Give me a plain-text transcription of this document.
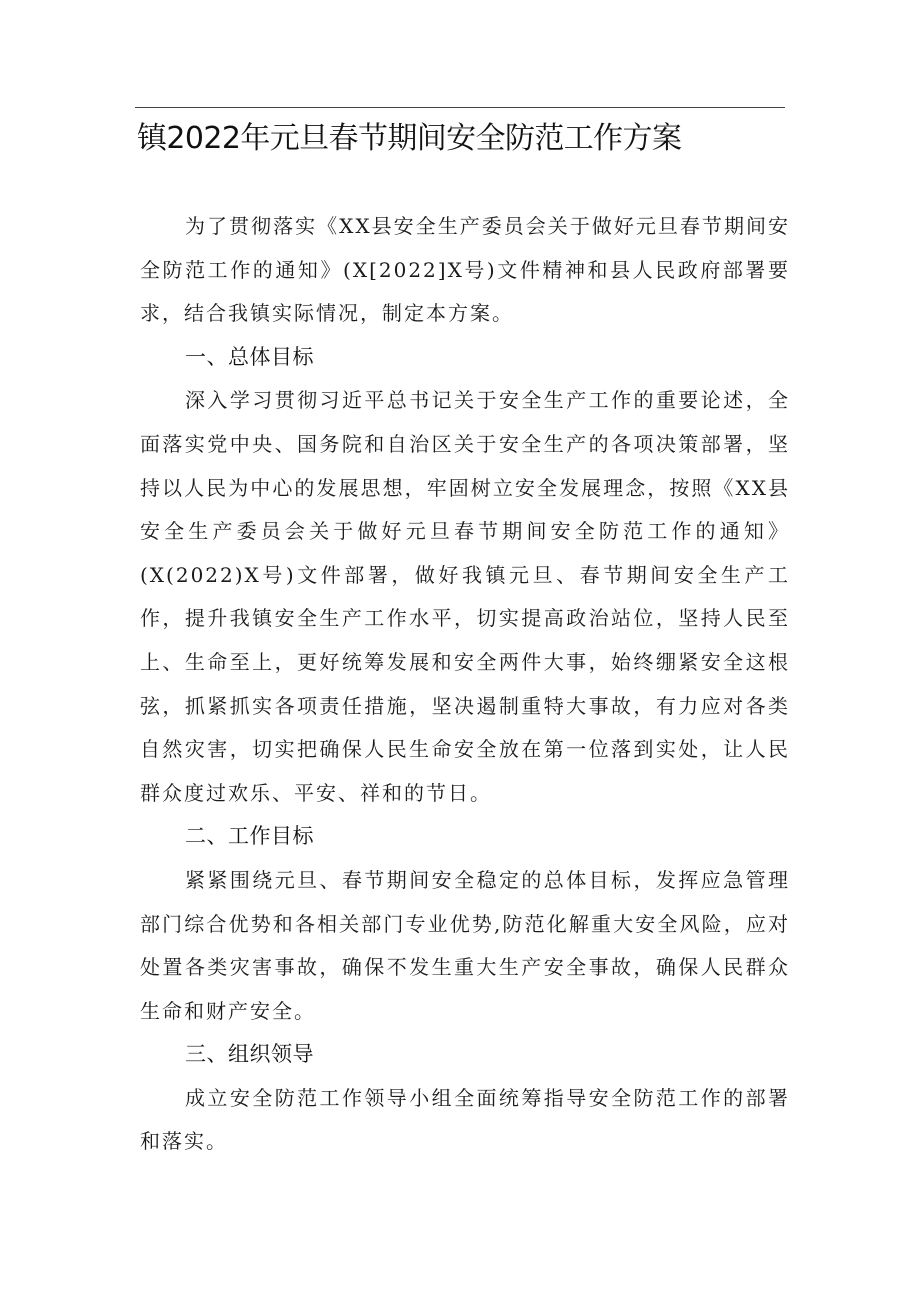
镇2022年元旦春节期间安全防范工作方案

为了贯彻落实《XX县安全生产委员会关于做好元旦春节期间安全防范工作的通知》(X[2022]X号)文件精神和县人民政府部署要求，结合我镇实际情况，制定本方案。

一、总体目标

深入学习贯彻习近平总书记关于安全生产工作的重要论述，全面落实党中央、国务院和自治区关于安全生产的各项决策部署，坚持以人民为中心的发展思想，牢固树立安全发展理念，按照《XX县安全生产委员会关于做好元旦春节期间安全防范工作的通知》(X(2022)X号)文件部署，做好我镇元旦、春节期间安全生产工作，提升我镇安全生产工作水平，切实提高政治站位，坚持人民至上、生命至上，更好统筹发展和安全两件大事，始终绷紧安全这根弦，抓紧抓实各项责任措施，坚决遏制重特大事故，有力应对各类自然灾害，切实把确保人民生命安全放在第一位落到实处，让人民群众度过欢乐、平安、祥和的节日。

二、工作目标

紧紧围绕元旦、春节期间安全稳定的总体目标，发挥应急管理部门综合优势和各相关部门专业优势,防范化解重大安全风险，应对处置各类灾害事故，确保不发生重大生产安全事故，确保人民群众生命和财产安全。

三、组织领导

成立安全防范工作领导小组全面统筹指导安全防范工作的部署和落实。
